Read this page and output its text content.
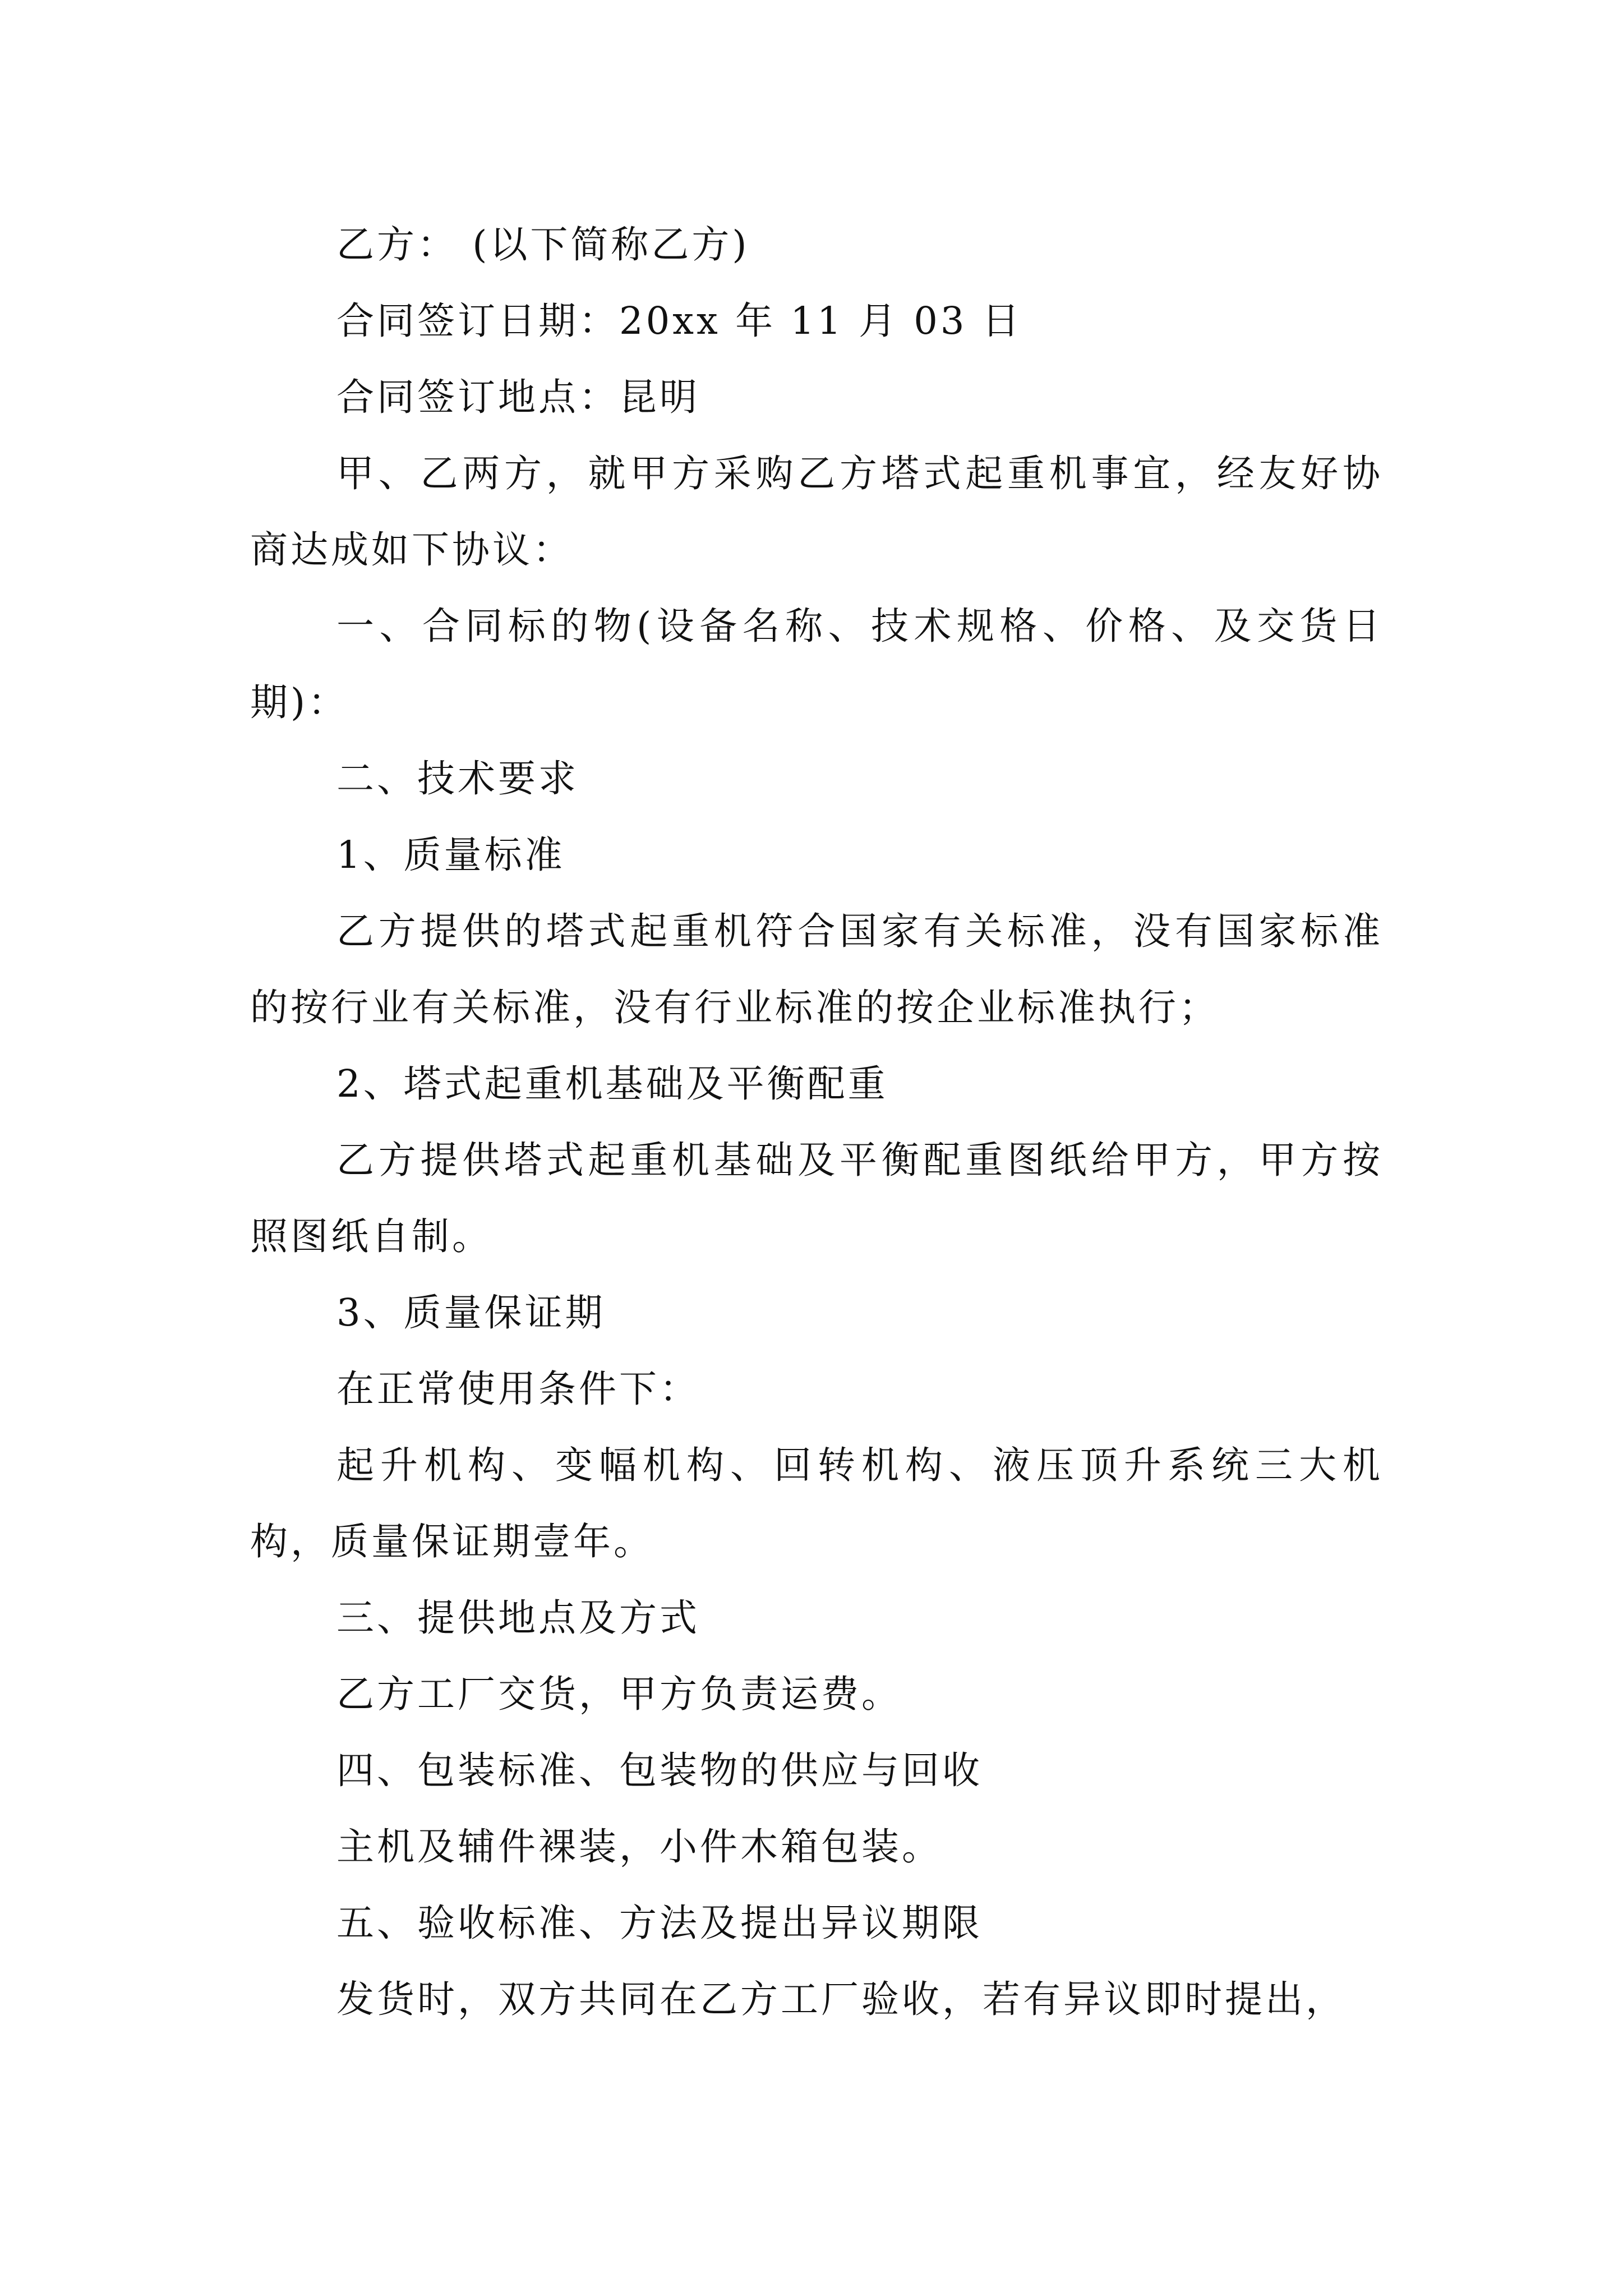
乙方： (以下简称乙方)

合同签订日期：20xx 年 11 月 03 日

合同签订地点：昆明

甲、乙两方，就甲方采购乙方塔式起重机事宜，经友好协商达成如下协议：

一、合同标的物(设备名称、技术规格、价格、及交货日期)：

二、技术要求

1、质量标准

乙方提供的塔式起重机符合国家有关标准，没有国家标准的按行业有关标准，没有行业标准的按企业标准执行；

2、塔式起重机基础及平衡配重

乙方提供塔式起重机基础及平衡配重图纸给甲方，甲方按照图纸自制。

3、质量保证期

在正常使用条件下：

起升机构、变幅机构、回转机构、液压顶升系统三大机构，质量保证期壹年。

三、提供地点及方式

乙方工厂交货，甲方负责运费。

四、包装标准、包装物的供应与回收

主机及辅件裸装，小件木箱包装。

五、验收标准、方法及提出异议期限

发货时，双方共同在乙方工厂验收，若有异议即时提出，
